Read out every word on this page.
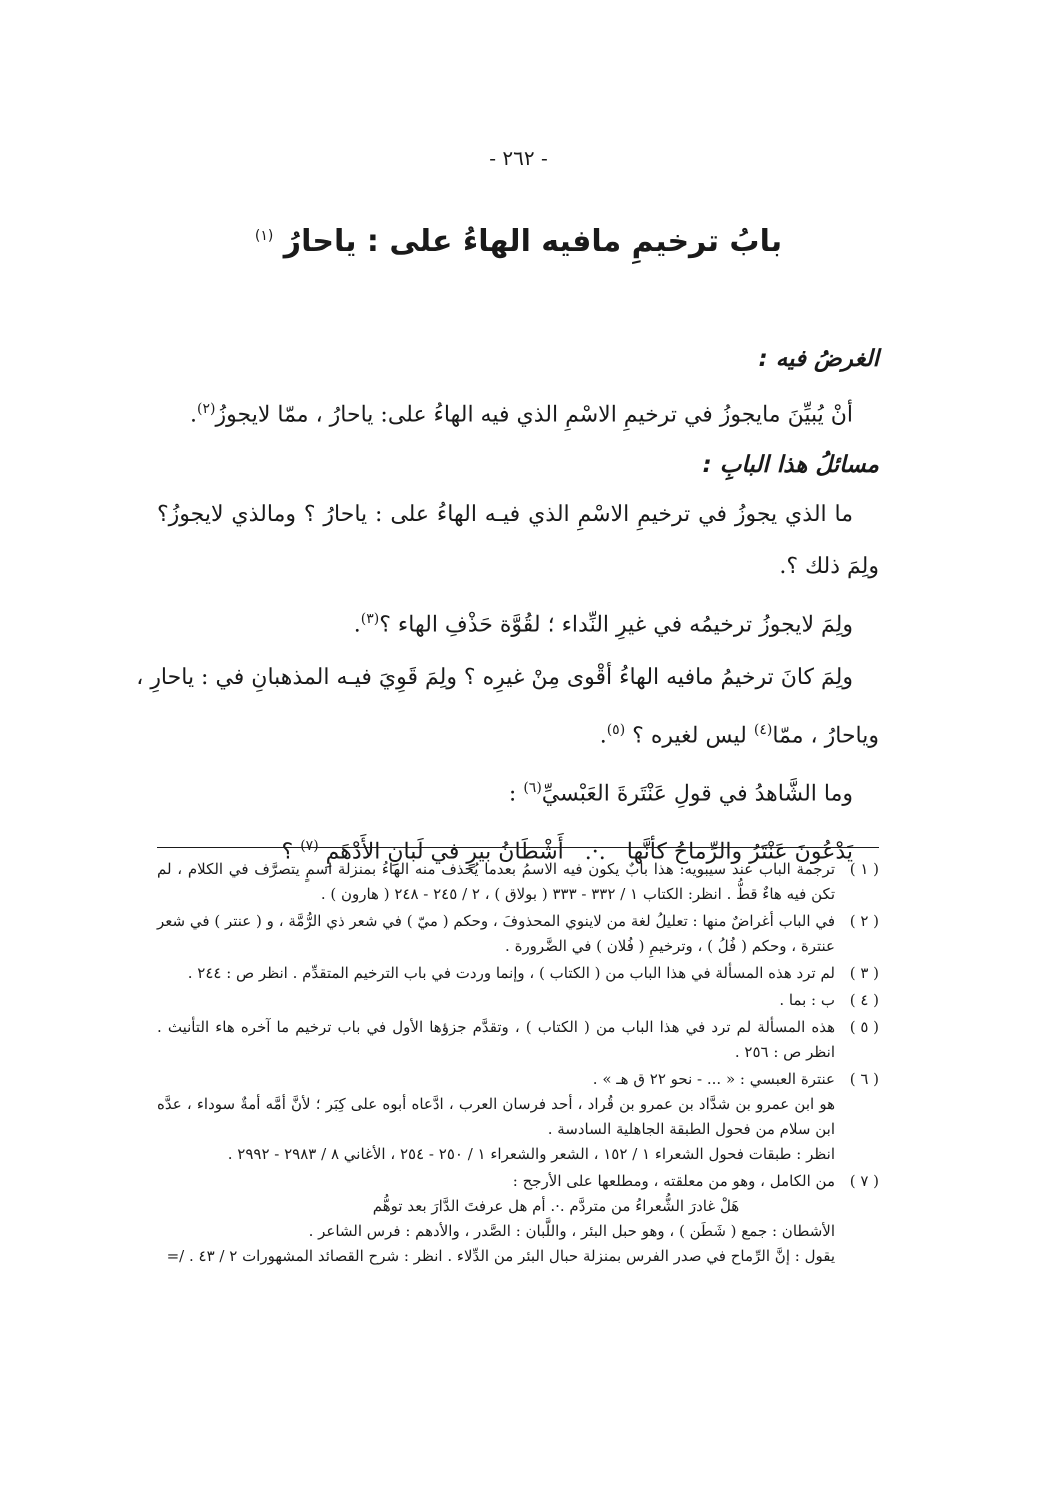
- ٢٦٢ -
بابُ ترخيمِ مافيه الهاءُ على : ياحارُ $^{(١)}$

الغرضُ فيه :

أنْ يُبيِّنَ مايجوزُ في ترخيمِ الاسْمِ الذي فيه الهاءُ على: ياحارُ ، ممّا لايجوزُ$^{(٢)}$.

مسائلُ هذا البابِ :

ما الذي يجوزُ في ترخيمِ الاسْمِ الذي فيـه الهاءُ على : ياحارُ ؟ ومالذي لايجوزُ؟

ولِمَ ذلك ؟.

ولِمَ لايجوزُ ترخيمُه في غيرِ النِّداء ؛ لقُوَّة حَذْفِ الهاء ؟$^{(٣)}$.

ولِمَ كانَ ترخيمُ مافيه الهاءُ أقْوى مِنْ غيرِه ؟ ولِمَ قَوِيَ فيـه المذهبانِ في : ياحارِ ،

وياحارُ ، ممّا$^{(٤)}$ ليس لغيره ؟ $^{(٥)}$.

وما الشَّاهدُ في قولِ عَنْتَرةَ العَبْسيِّ$^{(٦)}$ :

يَدْعُونَ عَنْتَرُ والرِّماحُ كأنَّها .·. أَشْطَانُ بيرٍ في لَبانِ الأَدْهَمِ $^{(٧)}$ ؟

( ١ )

ترجمة الباب عند سيبويه: هذا بابٌ يكون فيه الاسمُ بعدما يُحذف منه الهاءُ بمنزلة اسمٍ يتصرَّف في الكلام ، لم تكن فيه هاءٌ قطُّ . انظر: الكتاب ١ / ٣٣٢ - ٣٣٣ ( بولاق ) ، ٢ / ٢٤٥ - ٢٤٨ ( هارون ) .

( ٢ )

في الباب أغراضٌ منها : تعليلُ لغة من لاينوي المحذوفَ ، وحكم ( ميّ ) في شعر ذي الرُّمَّة ، و ( عنتر ) في شعر عنترة ، وحكم ( فُلُ ) ، وترخيمِ ( فُلان ) في الضَّرورة .

( ٣ )

لم ترد هذه المسألة في هذا الباب من ( الكتاب ) ، وإنما وردت في باب الترخيم المتقدِّم . انظر ص : ٢٤٤ .

( ٤ )

ب : بما .

( ٥ )

هذه المسألة لم ترد في هذا الباب من ( الكتاب ) ، وتقدَّم جزؤها الأول في باب ترخيم ما آخره هاء التأنيث . انظر ص : ٢٥٦ .

( ٦ )

عنترة العبسي : « ... - نحو ٢٢ ق هـ » .

هو ابن عمرو بن شدَّاد بن عمرو بن قُراد ، أحد فرسان العرب ، ادَّعاه أبوه على كِبَر ؛ لأنَّ أمَّه أمةٌ سوداء ، عدَّه ابن سلام من فحول الطبقة الجاهلية السادسة .

انظر : طبقات فحول الشعراء ١ / ١٥٢ ، الشعر والشعراء ١ / ٢٥٠ - ٢٥٤ ، الأغاني ٨ / ٢٩٨٣ - ٢٩٩٢ .

( ٧ )

من الكامل ، وهو من معلقته ، ومطلعها على الأرجح :

هَلْ غادرَ الشُّعراءُ من متردَّم .·. أم هل عرفتَ الدَّارَ بعد توهُّم

الأشطان : جمع ( شَطَن ) ، وهو حبل البئر ، واللَّبان : الصَّدر ، والأدهم : فرس الشاعر .

يقول : إنَّ الرِّماح في صدر الفرس بمنزلة حبال البئر من الدِّلاء . انظر : شرح القصائد المشهورات ٢ / ٤٣ . /=
